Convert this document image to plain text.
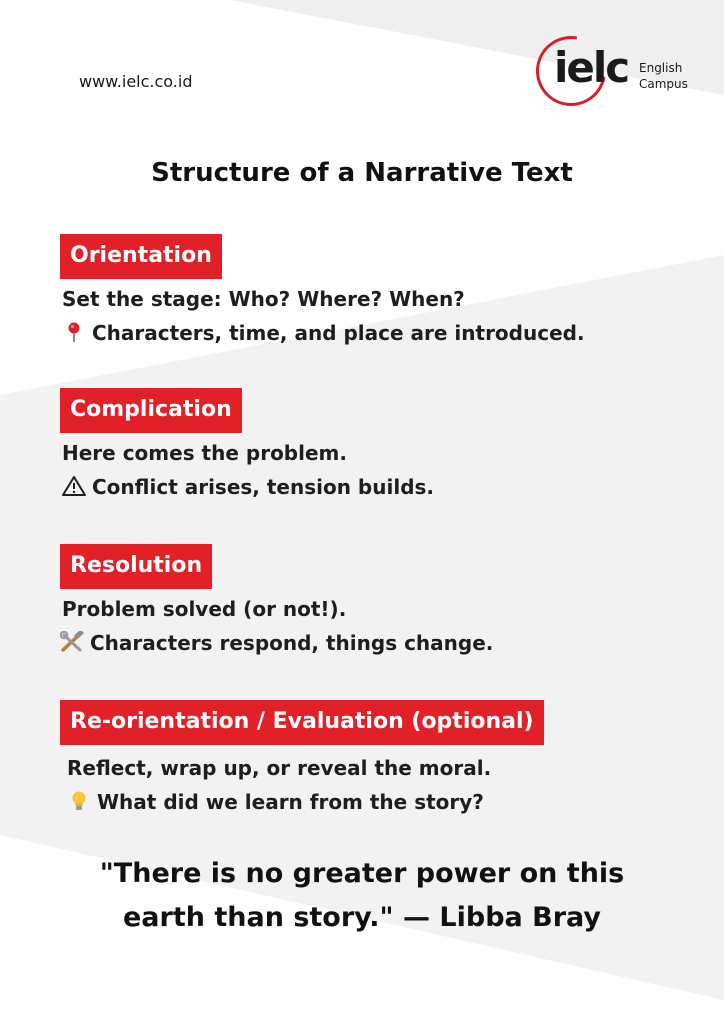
www.ielc.co.id	ielc English
Campus
Structure of a Narrative Text
Orientation
Set the stage: Who? Where? When?
Characters, time, and place are introduced.
Complication
Here comes the problem.
Conflict arises, tension builds.
Resolution
Problem solved (or not!).
Characters respond, things change.
Re-orientation / Evaluation (optional)
Reflect, wrap up, or reveal the moral.
What did we learn from the story?
"There is no greater power on this
earth than story." — Libba Bray
